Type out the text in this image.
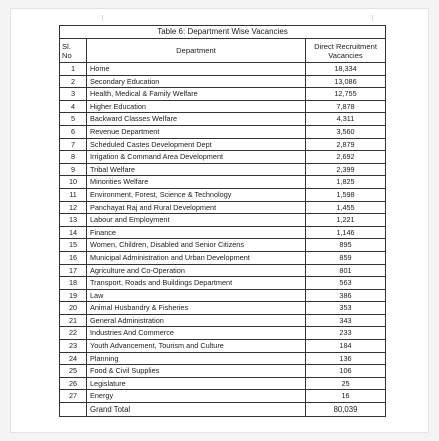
Table 6: Department Wise Vacancies		
Sl.
No	Department	Direct Recruitment Vacancies
1	Home	18,334
2	Secondary Education	13,086
3	Health, Medical & Family Welfare	12,755
4	Higher Education	7,878
5	Backward Classes Welfare	4,311
6	Revenue Department	3,560
7	Scheduled Castes Development Dept	2,879
8	Irrigation & Command Area Development	2,692
9	Tribal Welfare	2,399
10	Minorities Welfare	1,825
11	Environment, Forest, Science & Technology	1,598
12	Panchayat Raj and Rural Development	1,455
13	Labour and Employment	1,221
14	Finance	1,146
15	Women, Children, Disabled and Senior Citizens	895
16	Municipal Administration and Urban Development	859
17	Agriculture and Co-Operation	801
18	Transport, Roads and Buildings Department	563
19	Law	386
20	Animal Husbandry & Fisheries	353
21	General Administration	343
22	Industries And Commerce	233
23	Youth Advancement, Tourism and Culture	184
24	Planning	136
25	Food & Civil Supplies	106
26	Legislature	25
27	Energy	16
	Grand Total	80,039
